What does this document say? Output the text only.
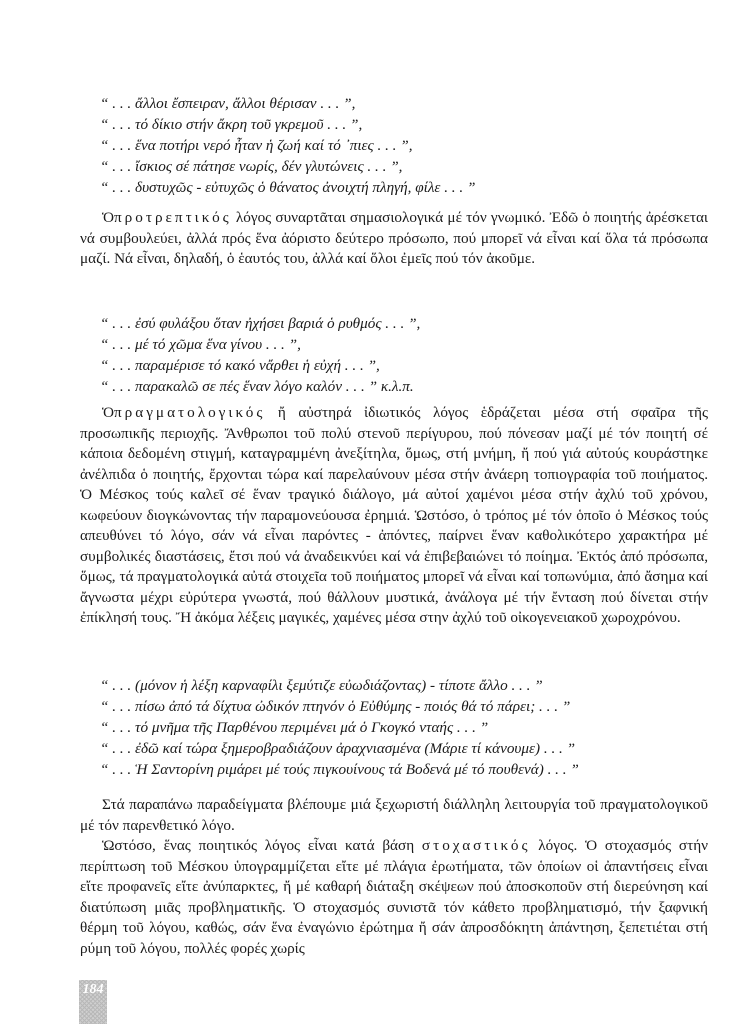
“ . . . ἄλλοι ἔσπειραν, ἄλλοι θέρισαν . . . ”,
“ . . . τό δίκιο στήν ἄκρη τοῦ γκρεμοῦ . . . ”,
“ . . . ἕνα ποτήρι νερό ἦταν ἡ ζωή καί τό ᾽πιες . . . ”,
“ . . . ἴσκιος σέ πάτησε νωρίς, δέν γλυτώνεις . . . ”,
“ . . . δυστυχῶς - εὐτυχῶς ὁ θάνατος ἀνοιχτή πληγή, φίλε . . . ”

Ὁπροτρεπτικός λόγος συναρτᾶται σημασιολογικά μέ τόν γνωμικό. Ἐδῶ ὁ ποιητής ἀρέσκεται νά συμβουλεύει, ἀλλά πρός ἕνα ἀόριστο δεύτερο πρόσωπο, πού μπορεῖ νά εἶναι καί ὅλα τά πρόσωπα μαζί. Νά εἶναι, δηλαδή, ὁ ἑαυτός του, ἀλλά καί ὅλοι ἐμεῖς πού τόν ἀκοῦμε.

“ . . . ἐσύ φυλάξου ὅταν ἠχήσει βαριά ὁ ρυθμός . . . ”,
“ . . . μέ τό χῶμα ἕνα γίνου . . . ”,
“ . . . παραμέρισε τό κακό νἄρθει ἡ εὐχή . . . ”,
“ . . . παρακαλῶ σε πές ἕναν λόγο καλόν . . . ” κ.λ.π.

Ὁπραγματολογικός ἤ αὐστηρά ἰδιωτικός λόγος ἑδράζεται μέσα στή σφαῖρα τῆς προσωπικῆς περιοχῆς. Ἄνθρωποι τοῦ πολύ στενοῦ περίγυρου, πού πόνεσαν μαζί μέ τόν ποιητή σέ κάποια δεδομένη στιγμή, καταγραμμένη ἀνεξίτηλα, ὅμως, στή μνήμη, ἤ πού γιά αὐτούς κουράστηκε ἀνέλπιδα ὁ ποιητής, ἔρχονται τώρα καί παρελαύνουν μέσα στήν ἀνάερη τοπιογραφία τοῦ ποιήματος. Ὁ Μέσκος τούς καλεῖ σέ ἕναν τραγικό διάλογο, μά αὐτοί χαμένοι μέσα στήν ἀχλύ τοῦ χρόνου, κωφεύουν διογκώνοντας τήν παραμονεύουσα ἐρημιά. Ὡστόσο, ὁ τρόπος μέ τόν ὁποῖο ὁ Μέσκος τούς απευθύνει τό λόγο, σάν νά εἶναι παρόντες - ἀπόντες, παίρνει ἕναν καθολικότερο χαρακτήρα μέ συμβολικές διαστάσεις, ἔτσι πού νά ἀναδεικνύει καί νά ἐπιβεβαιώνει τό ποίημα. Ἐκτός ἀπό πρόσωπα, ὅμως, τά πραγματολογικά αὐτά στοιχεῖα τοῦ ποιήματος μπορεῖ νά εἶναι καί τοπωνύμια, ἀπό ἄσημα καί ἄγνωστα μέχρι εὐρύτερα γνωστά, πού θάλλουν μυστικά, ἀνάλογα μέ τήν ἔνταση πού δίνεται στήν ἐπίκλησή τους. Ἤ ἀκόμα λέξεις μαγικές, χαμένες μέσα στην ἀχλύ τοῦ οἰκογενειακοῦ χωροχρόνου.

“ . . . (μόνον ἡ λέξη καρναφίλι ξεμύτιζε εὐωδιάζοντας) - τίποτε ἄλλο . . . ”
“ . . . πίσω ἀπό τά δίχτυα ὠδικόν πτηνόν ὁ Εὐθύμης - ποιός θά τό πάρει; . . . ”
“ . . . τό μνῆμα τῆς Παρθένου περιμένει μά ὁ Γκογκό νταής . . . ”
“ . . . ἐδῶ καί τώρα ξημεροβραδιάζουν ἀραχνιασμένα (Μάριε τί κάνουμε) . . . ”
“ . . . Ἡ Σαντορίνη ριμάρει μέ τούς πιγκουίνους τά Βοδενά μέ τό πουθενά) . . . ”

Στά παραπάνω παραδείγματα βλέπουμε μιά ξεχωριστή διάλληλη λειτουργία τοῦ πραγματολογικοῦ μέ τόν παρενθετικό λόγο.

Ὡστόσο, ἕνας ποιητικός λόγος εἶναι κατά βάση στοχαστικός λόγος. Ὁ στοχασμός στήν περίπτωση τοῦ Μέσκου ὑπογραμμίζεται εἴτε μέ πλάγια ἐρωτήματα, τῶν ὁποίων οἱ ἀπαντήσεις εἶναι εἴτε προφανεῖς εἴτε ἀνύπαρκτες, ἤ μέ καθαρή διάταξη σκέψεων πού ἀποσκοποῦν στή διερεύνηση καί διατύπωση μιᾶς προβληματικῆς. Ὁ στοχασμός συνιστᾶ τόν κάθετο προβληματισμό, τήν ξαφνική θέρμη τοῦ λόγου, καθώς, σάν ἕνα ἐναγώνιο ἐρώτημα ἤ σάν ἀπροσδόκητη ἀπάντηση, ξεπετιέται στή ρύμη τοῦ λόγου, πολλές φορές χωρίς

184
